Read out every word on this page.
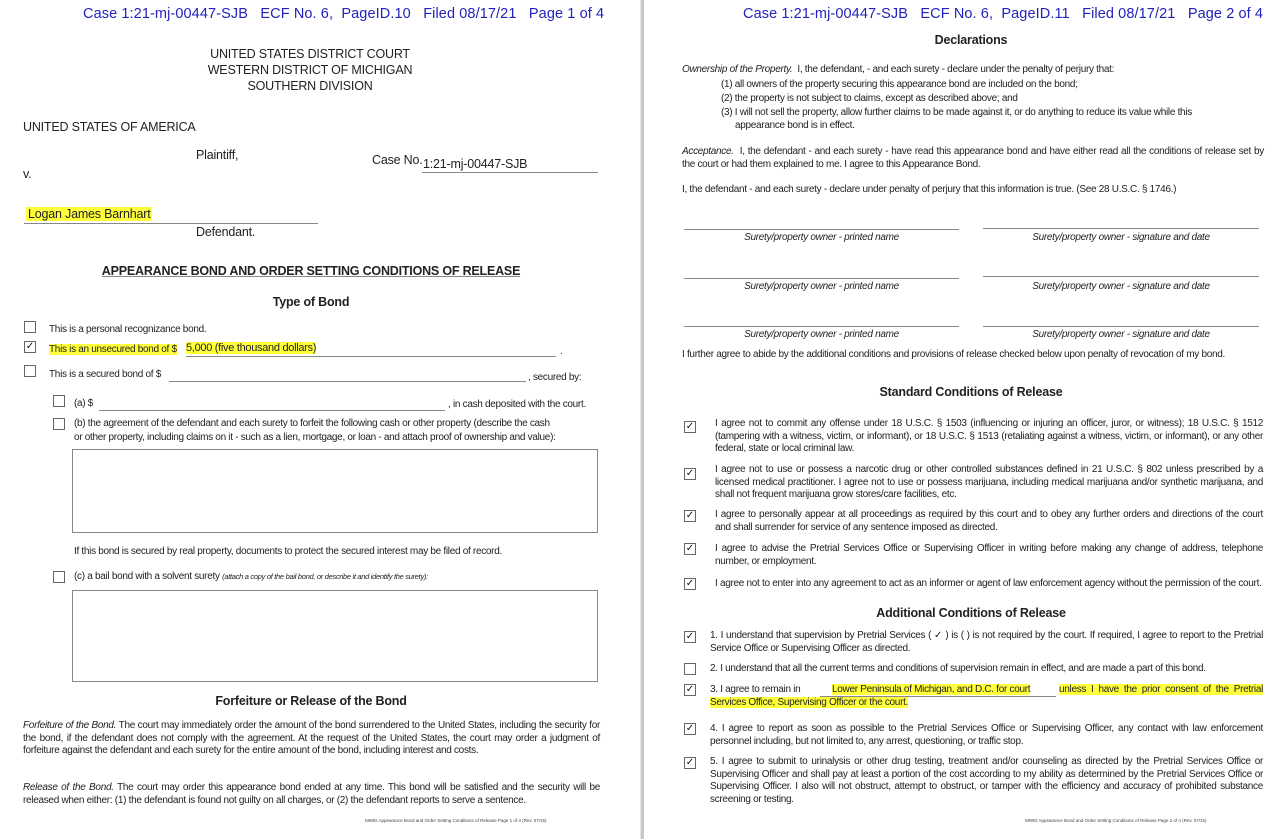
Case 1:21-mj-00447-SJB ECF No. 6, PageID.10 Filed 08/17/21 Page 1 of 4
UNITED STATES DISTRICT COURT
WESTERN DISTRICT OF MICHIGAN
SOUTHERN DIVISION
UNITED STATES OF AMERICA
Plaintiff,
v.
Case No. 1:21-mj-00447-SJB
Logan James Barnhart
Defendant.
APPEARANCE BOND AND ORDER SETTING CONDITIONS OF RELEASE
Type of Bond
This is a personal recognizance bond.
✓ This is an unsecured bond of $ 5,000 (five thousand dollars)	.
This is a secured bond of $	, secured by:
(a) $	, in cash deposited with the court.
(b) the agreement of the defendant and each surety to forfeit the following cash or other property (describe the cash
or other property, including claims on it - such as a lien, mortgage, or loan - and attach proof of ownership and value):
If this bond is secured by real property, documents to protect the secured interest may be filed of record.
(c) a bail bond with a solvent surety (attach a copy of the bail bond, or describe it and identify the surety):
Forfeiture or Release of the Bond
Forfeiture of the Bond. The court may immediately order the amount of the bond surrendered to the United States, including the security for the bond, if the defendant does not comply with the agreement. At the request of the United States, the court may order a judgment of forfeiture against the defendant and each surety for the entire amount of the bond, including interest and costs.
Release of the Bond. The court may order this appearance bond ended at any time. This bond will be satisfied and the security will be released when either: (1) the defendant is found not guilty on all charges, or (2) the defendant reports to serve a sentence.
MIWD Appearance Bond and Order Setting Conditions of Release Page 1 of 4 (Rev. 07/15)
Case 1:21-mj-00447-SJB ECF No. 6, PageID.11 Filed 08/17/21 Page 2 of 4
Declarations
Ownership of the Property. I, the defendant, - and each surety - declare under the penalty of perjury that:
(1) all owners of the property securing this appearance bond are included on the bond;
(2) the property is not subject to claims, except as described above; and
(3) I will not sell the property, allow further claims to be made against it, or do anything to reduce its value while this
appearance bond is in effect.
Acceptance. I, the defendant - and each surety - have read this appearance bond and have either read all the conditions of release set by the court or had them explained to me. I agree to this Appearance Bond.
I, the defendant - and each surety - declare under penalty of perjury that this information is true. (See 28 U.S.C. § 1746.)
Surety/property owner - printed name	Surety/property owner - signature and date
Surety/property owner - printed name	Surety/property owner - signature and date
Surety/property owner - printed name	Surety/property owner - signature and date
I further agree to abide by the additional conditions and provisions of release checked below upon penalty of revocation of my bond.
Standard Conditions of Release
✓ I agree not to commit any offense under 18 U.S.C. § 1503 (influencing or injuring an officer, juror, or witness); 18 U.S.C. § 1512 (tampering with a witness, victim, or informant), or 18 U.S.C. § 1513 (retaliating against a witness, victim, or informant), or any other federal, state or local criminal law.
✓ I agree not to use or possess a narcotic drug or other controlled substances defined in 21 U.S.C. § 802 unless prescribed by a licensed medical practitioner. I agree not to use or possess marijuana, including medical marijuana and/or synthetic marijuana, and shall not frequent marijuana grow stores/care facilities, etc.
✓ I agree to personally appear at all proceedings as required by this court and to obey any further orders and directions of the court and shall surrender for service of any sentence imposed as directed.
✓ I agree to advise the Pretrial Services Office or Supervising Officer in writing before making any change of address, telephone number, or employment.
✓ I agree not to enter into any agreement to act as an informer or agent of law enforcement agency without the permission of the court.
Additional Conditions of Release
✓ 1. I understand that supervision by Pretrial Services ( ✓ ) is ( ) is not required by the court. If required, I agree to report to the Pretrial Service Office or Supervising Officer as directed.
2. I understand that all the current terms and conditions of supervision remain in effect, and are made a part of this bond.
✓ 3. I agree to remain in	Lower Peninsula of Michigan, and D.C. for court	unless I have the prior consent of the Pretrial Services Office, Supervising Officer or the court.
✓ 4. I agree to report as soon as possible to the Pretrial Services Office or Supervising Officer, any contact with law enforcement personnel including, but not limited to, any arrest, questioning, or traffic stop.
✓ 5. I agree to submit to urinalysis or other drug testing, treatment and/or counseling as directed by the Pretrial Services Office or Supervising Officer and shall pay at least a portion of the cost according to my ability as determined by the Pretrial Services Office or Supervising Officer. I also will not obstruct, attempt to obstruct, or tamper with the efficiency and accuracy of prohibited substance screening or testing.
MIWD Appearance Bond and Order Setting Conditions of Release Page 2 of 4 (Rev. 07/15)
